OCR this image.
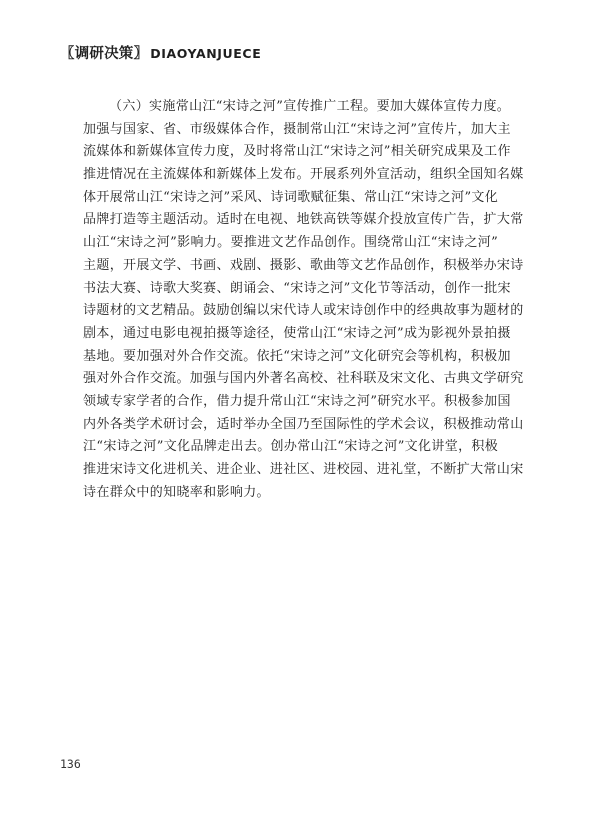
〖 调研决策 〗 DIAOYANJUECE
（六）实施常山江“宋诗之河”宣传推广工程。要加大媒体宣传力度。
加强与国家、省、市级媒体合作，摄制常山江“宋诗之河”宣传片，加大主
流媒体和新媒体宣传力度，及时将常山江“宋诗之河”相关研究成果及工作
推进情况在主流媒体和新媒体上发布。开展系列外宣活动，组织全国知名媒
体开展常山江“宋诗之河”采风、诗词歌赋征集、常山江“宋诗之河”文化
品牌打造等主题活动。适时在电视、地铁高铁等媒介投放宣传广告，扩大常
山江“宋诗之河”影响力。要推进文艺作品创作。围绕常山江“宋诗之河”
主题，开展文学、书画、戏剧、摄影、歌曲等文艺作品创作，积极举办宋诗
书法大赛、诗歌大奖赛、朗诵会、“宋诗之河”文化节等活动，创作一批宋
诗题材的文艺精品。鼓励创编以宋代诗人或宋诗创作中的经典故事为题材的
剧本，通过电影电视拍摄等途径，使常山江“宋诗之河”成为影视外景拍摄
基地。要加强对外合作交流。依托“宋诗之河”文化研究会等机构，积极加
强对外合作交流。加强与国内外著名高校、社科联及宋文化、古典文学研究
领域专家学者的合作，借力提升常山江“宋诗之河”研究水平。积极参加国
内外各类学术研讨会，适时举办全国乃至国际性的学术会议，积极推动常山
江“宋诗之河”文化品牌走出去。创办常山江“宋诗之河”文化讲堂，积极
推进宋诗文化进机关、进企业、进社区、进校园、进礼堂，不断扩大常山宋
诗在群众中的知晓率和影响力。
136
